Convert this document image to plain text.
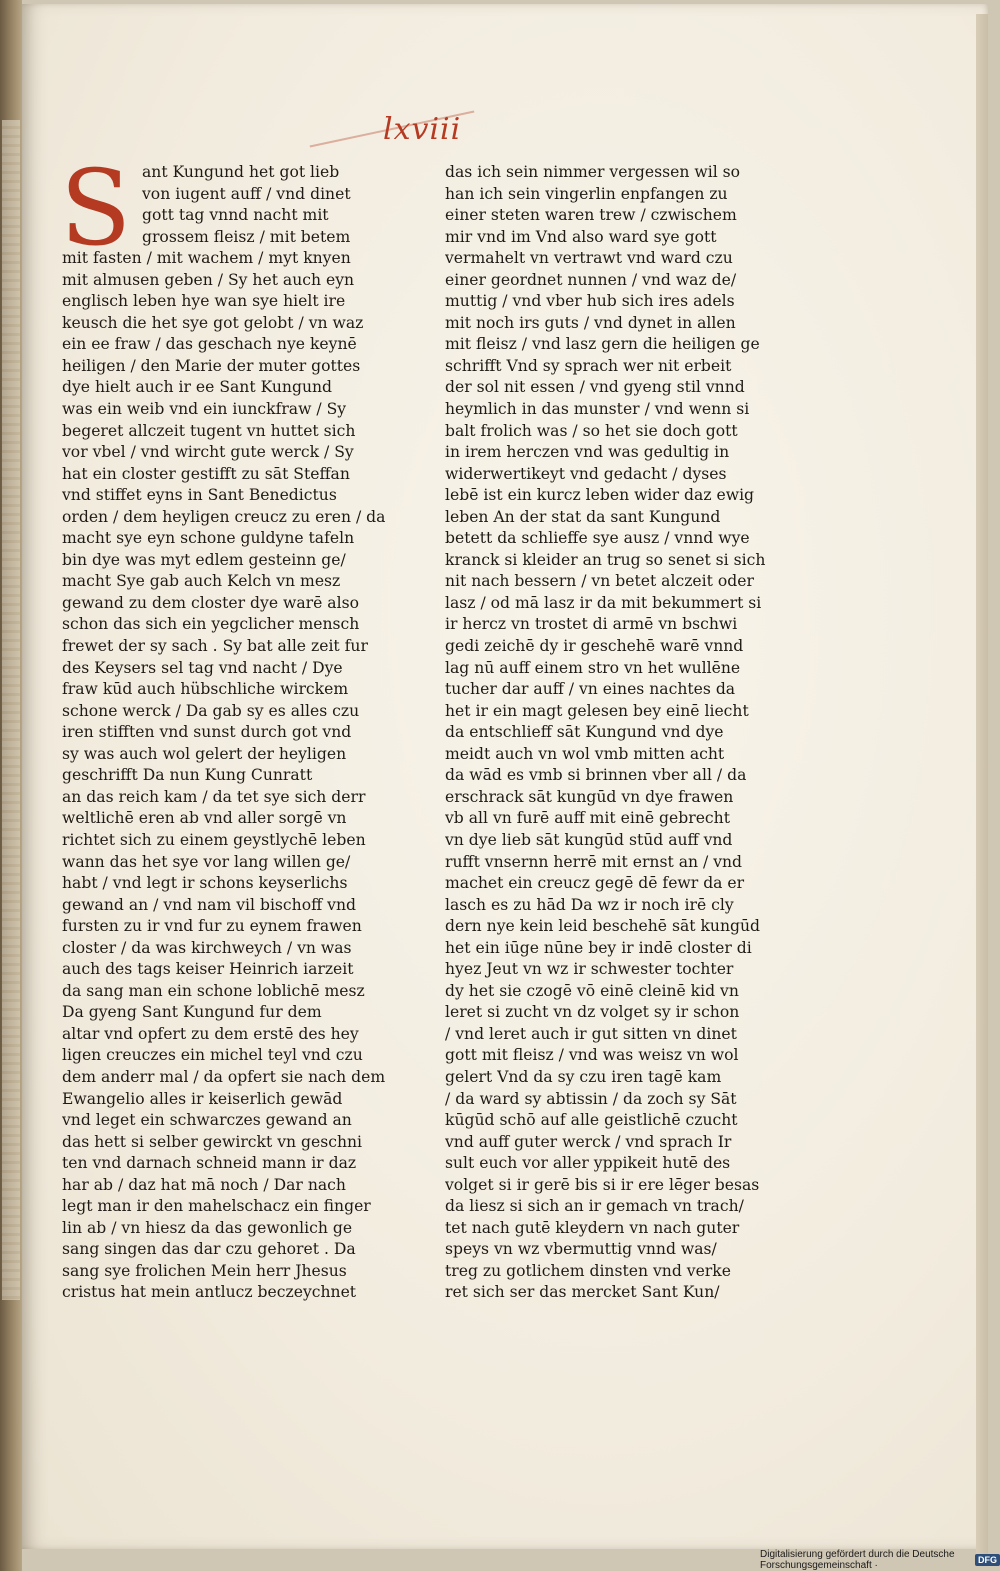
lxviii
S ant Kungund het got lieb
von iugent auff / vnd dinet
gott tag vnnd nacht mit
grossem fleisz / mit betem
mit fasten / mit wachem / myt knyen
mit almusen geben / Sy het auch eyn
englisch leben hye wan sye hielt ire
keusch die het sye got gelobt / vn waz
ein ee fraw / das geschach nye keynē
heiligen / den Marie der muter gottes
dye hielt auch ir ee Sant Kungund
was ein weib vnd ein iunckfraw / Sy
begeret allczeit tugent vn huttet sich
vor vbel / vnd wircht gute werck / Sy
hat ein closter gestifft zu sāt Steffan
vnd stiffet eyns in Sant Benedictus
orden / dem heyligen creucz zu eren / da
macht sye eyn schone guldyne tafeln
bin dye was myt edlem gesteinn ge/
macht Sye gab auch Kelch vn mesz
gewand zu dem closter dye warē also
schon das sich ein yegclicher mensch
frewet der sy sach . Sy bat alle zeit fur
des Keysers sel tag vnd nacht / Dye
fraw kūd auch hübschliche wirckem
schone werck / Da gab sy es alles czu
iren stifften vnd sunst durch got vnd
sy was auch wol gelert der heyligen
geschrifft Da nun Kung Cunratt
an das reich kam / da tet sye sich derr
weltlichē eren ab vnd aller sorgē vn
richtet sich zu einem geystlychē leben
wann das het sye vor lang willen ge/
habt / vnd legt ir schons keyserlichs
gewand an / vnd nam vil bischoff vnd
fursten zu ir vnd fur zu eynem frawen
closter / da was kirchweych / vn was
auch des tags keiser Heinrich iarzeit
da sang man ein schone loblichē mesz
Da gyeng Sant Kungund fur dem
altar vnd opfert zu dem erstē des hey
ligen creuczes ein michel teyl vnd czu
dem anderr mal / da opfert sie nach dem
Ewangelio alles ir keiserlich gewād
vnd leget ein schwarczes gewand an
das hett si selber gewirckt vn geschni
ten vnd darnach schneid mann ir daz
har ab / daz hat mā noch / Dar nach
legt man ir den mahelschacz ein finger
lin ab / vn hiesz da das gewonlich ge
sang singen das dar czu gehoret . Da
sang sye frolichen Mein herr Jhesus
cristus hat mein antlucz beczeychnet
das ich sein nimmer vergessen wil so
han ich sein vingerlin enpfangen zu
einer steten waren trew / czwischem
mir vnd im Vnd also ward sye gott
vermahelt vn vertrawt vnd ward czu
einer geordnet nunnen / vnd waz de/
muttig / vnd vber hub sich ires adels
mit noch irs guts / vnd dynet in allen
mit fleisz / vnd lasz gern die heiligen ge
schrifft Vnd sy sprach wer nit erbeit
der sol nit essen / vnd gyeng stil vnnd
heymlich in das munster / vnd wenn si
balt frolich was / so het sie doch gott
in irem herczen vnd was gedultig in
widerwertikeyt vnd gedacht / dyses
lebē ist ein kurcz leben wider daz ewig
leben An der stat da sant Kungund
betett da schlieffe sye ausz / vnnd wye
kranck si kleider an trug so senet si sich
nit nach bessern / vn betet alczeit oder
lasz / od mā lasz ir da mit bekummert si
ir hercz vn trostet di armē vn bschwi
gedi zeichē dy ir geschehē warē vnnd
lag nū auff einem stro vn het wullēne
tucher dar auff / vn eines nachtes da
het ir ein magt gelesen bey einē liecht
da entschlieff sāt Kungund vnd dye
meidt auch vn wol vmb mitten acht
da wād es vmb si brinnen vber all / da
erschrack sāt kungūd vn dye frawen
vb all vn furē auff mit einē gebrecht
vn dye lieb sāt kungūd stūd auff vnd
rufft vnsernn herrē mit ernst an / vnd
machet ein creucz gegē dē fewr da er
lasch es zu hād Da wz ir noch irē cly
dern nye kein leid beschehē sāt kungūd
het ein iūge nūne bey ir indē closter di
hyez Jeut vn wz ir schwester tochter
dy het sie czogē vō einē cleinē kid vn
leret si zucht vn dz volget sy ir schon
/ vnd leret auch ir gut sitten vn dinet
gott mit fleisz / vnd was weisz vn wol
gelert Vnd da sy czu iren tagē kam
/ da ward sy abtissin / da zoch sy Sāt
kūgūd schō auf alle geistlichē czucht
vnd auff guter werck / vnd sprach Ir
sult euch vor aller yppikeit hutē des
volget si ir gerē bis si ir ere lēger besas
da liesz si sich an ir gemach vn trach/
tet nach gutē kleydern vn nach guter
speys vn wz vbermuttig vnnd was/
treg zu gotlichem dinsten vnd verke
ret sich ser das mercket Sant Kun/
Digitalisierung gefördert durch die Deutsche Forschungsgemeinschaft ·	DFG
